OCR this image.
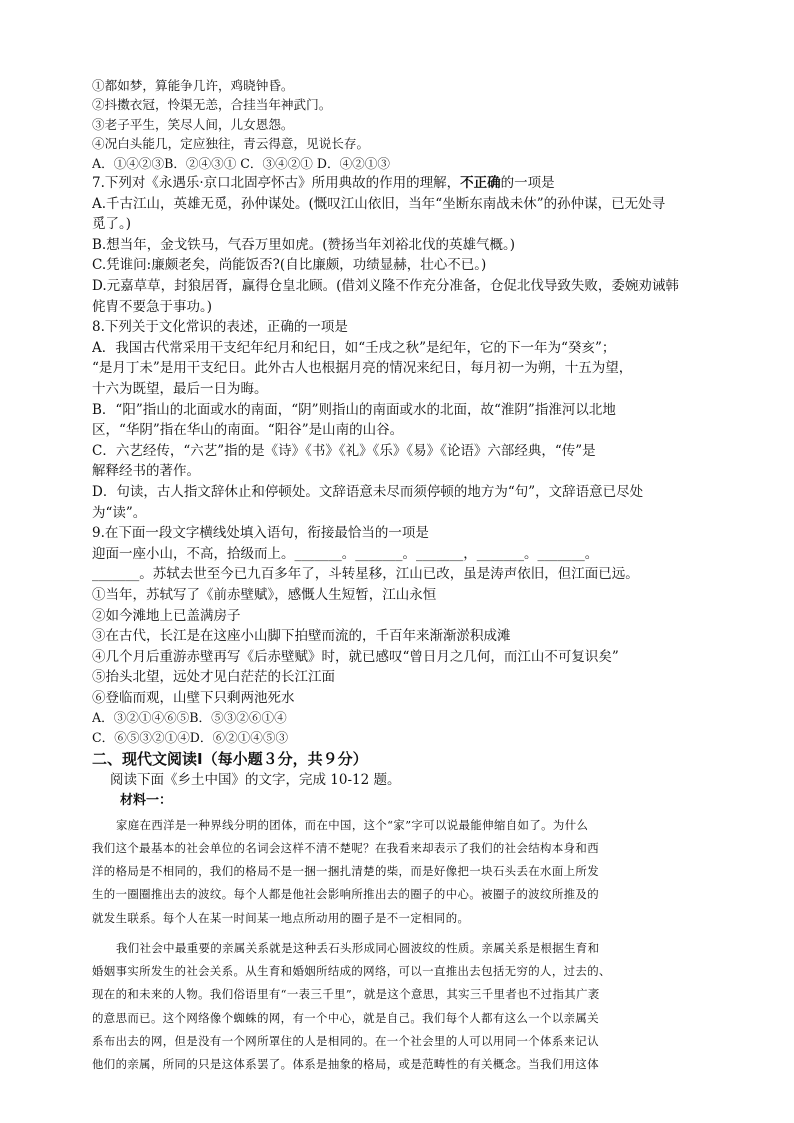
①都如梦，算能争几许，鸡晓钟昏。
②抖擞衣冠，怜渠无恙，合挂当年神武门。
③老子平生，笑尽人间，儿女恩怨。
④况白头能几，定应独往，青云得意，见说长存。
A．①④②③B．②④③① C．③④②① D．④②①③
7.下列对《永遇乐·京口北固亭怀古》所用典故的作用的理解，不正确的一项是
A.千古江山，英雄无觅，孙仲谋处。(慨叹江山依旧，当年“坐断东南战未休”的孙仲谋，已无处寻
觅了。)
B.想当年，金戈铁马，气吞万里如虎。(赞扬当年刘裕北伐的英雄气概。)
C.凭谁问:廉颇老矣，尚能饭否?(自比廉颇，功绩显赫，壮心不已。)
D.元嘉草草，封狼居胥，赢得仓皇北顾。(借刘义隆不作充分准备，仓促北伐导致失败，委婉劝诫韩
侂胄不要急于事功。)
8.下列关于文化常识的表述，正确的一项是
A．我国古代常采用干支纪年纪月和纪日，如“壬戌之秋”是纪年，它的下一年为“癸亥”；
“是月丁未”是用干支纪日。此外古人也根据月亮的情况来纪日，每月初一为朔，十五为望，
十六为既望，最后一日为晦。
B．“阳”指山的北面或水的南面，“阴”则指山的南面或水的北面，故“淮阴”指淮河以北地
区，“华阴”指在华山的南面。“阳谷”是山南的山谷。
C．六艺经传，“六艺”指的是《诗》《书》《礼》《乐》《易》《论语》六部经典，“传”是
解释经书的著作。
D．句读，古人指文辞休止和停顿处。文辞语意未尽而须停顿的地方为“句”，文辞语意已尽处
为“读”。
9.在下面一段文字横线处填入语句，衔接最恰当的一项是
迎面一座小山，不高，拾级而上。_______。_______。_______，_______。_______。
_______。苏轼去世至今已九百多年了，斗转星移，江山已改，虽是涛声依旧，但江面已远。
①当年，苏轼写了《前赤壁赋》，感慨人生短暂，江山永恒
②如今滩地上已盖满房子
③在古代，长江是在这座小山脚下拍壁而流的，千百年来渐渐淤积成滩
④几个月后重游赤壁再写《后赤壁赋》时，就已感叹“曾日月之几何，而江山不可复识矣”
⑤抬头北望，远处才见白茫茫的长江江面
⑥登临而观，山壁下只剩两池死水
A．③②①④⑥⑤B．⑤③②⑥①④
C．⑥⑤③②①④D．⑥②①④⑤③
二、现代文阅读Ⅰ（每小题３分，共９分）
阅读下面《乡土中国》的文字，完成 10-12 题。
材料一：
家庭在西洋是一种界线分明的团体，而在中国，这个“家”字可以说最能伸缩自如了。为什么
我们这个最基本的社会单位的名词会这样不清不楚呢？在我看来却表示了我们的社会结构本身和西
洋的格局是不相同的，我们的格局不是一捆一捆扎清楚的柴，而是好像把一块石头丢在水面上所发
生的一圈圈推出去的波纹。每个人都是他社会影响所推出去的圈子的中心。被圈子的波纹所推及的
就发生联系。每个人在某一时间某一地点所动用的圈子是不一定相同的。
我们社会中最重要的亲属关系就是这种丢石头形成同心圆波纹的性质。亲属关系是根据生育和
婚姻事实所发生的社会关系。从生育和婚姻所结成的网络，可以一直推出去包括无穷的人，过去的、
现在的和未来的人物。我们俗语里有“一表三千里”，就是这个意思，其实三千里者也不过指其广袤
的意思而已。这个网络像个蜘蛛的网，有一个中心，就是自己。我们每个人都有这么一个以亲属关
系布出去的网，但是没有一个网所罩住的人是相同的。在一个社会里的人可以用同一个体系来记认
他们的亲属，所同的只是这体系罢了。体系是抽象的格局，或是范畴性的有关概念。当我们用这体
